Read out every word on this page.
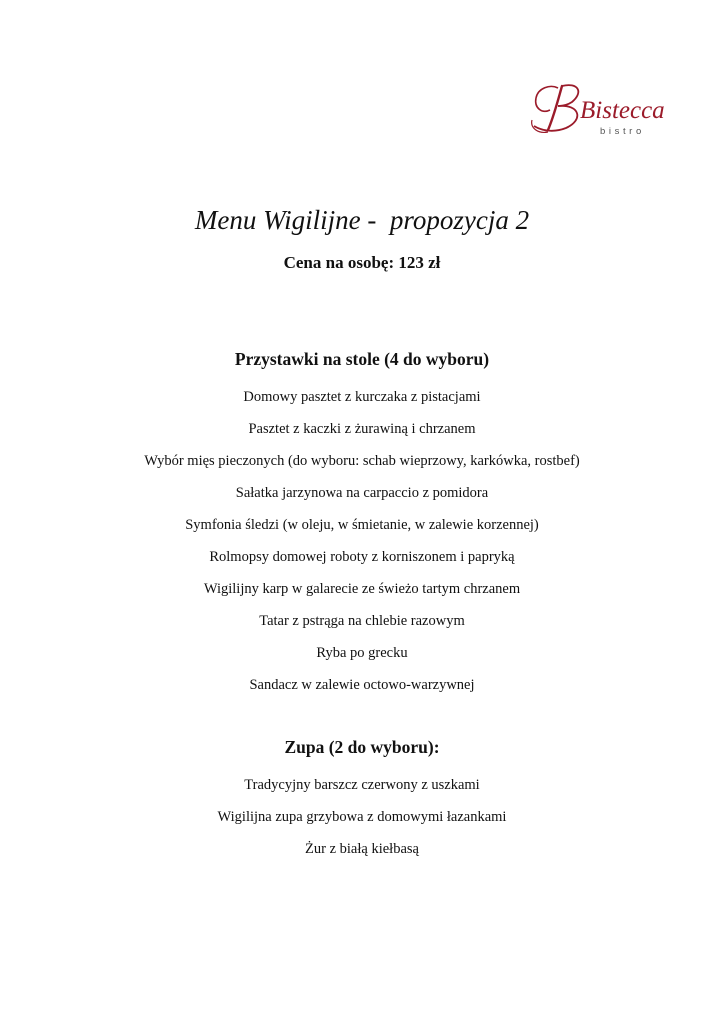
Bistecca
bistro
Menu Wigilijne -  propozycja 2
Cena na osobę: 123 zł
Przystawki na stole (4 do wyboru)
Domowy pasztet z kurczaka z pistacjami
Pasztet z kaczki z żurawiną i chrzanem
Wybór mięs pieczonych (do wyboru: schab wieprzowy, karkówka, rostbef)
Sałatka jarzynowa na carpaccio z pomidora
Symfonia śledzi (w oleju, w śmietanie, w zalewie korzennej)
Rolmopsy domowej roboty z korniszonem i papryką
Wigilijny karp w galarecie ze świeżo tartym chrzanem
Tatar z pstrąga na chlebie razowym
Ryba po grecku
Sandacz w zalewie octowo-warzywnej
Zupa (2 do wyboru):
Tradycyjny barszcz czerwony z uszkami
Wigilijna zupa grzybowa z domowymi łazankami
Żur z białą kiełbasą
